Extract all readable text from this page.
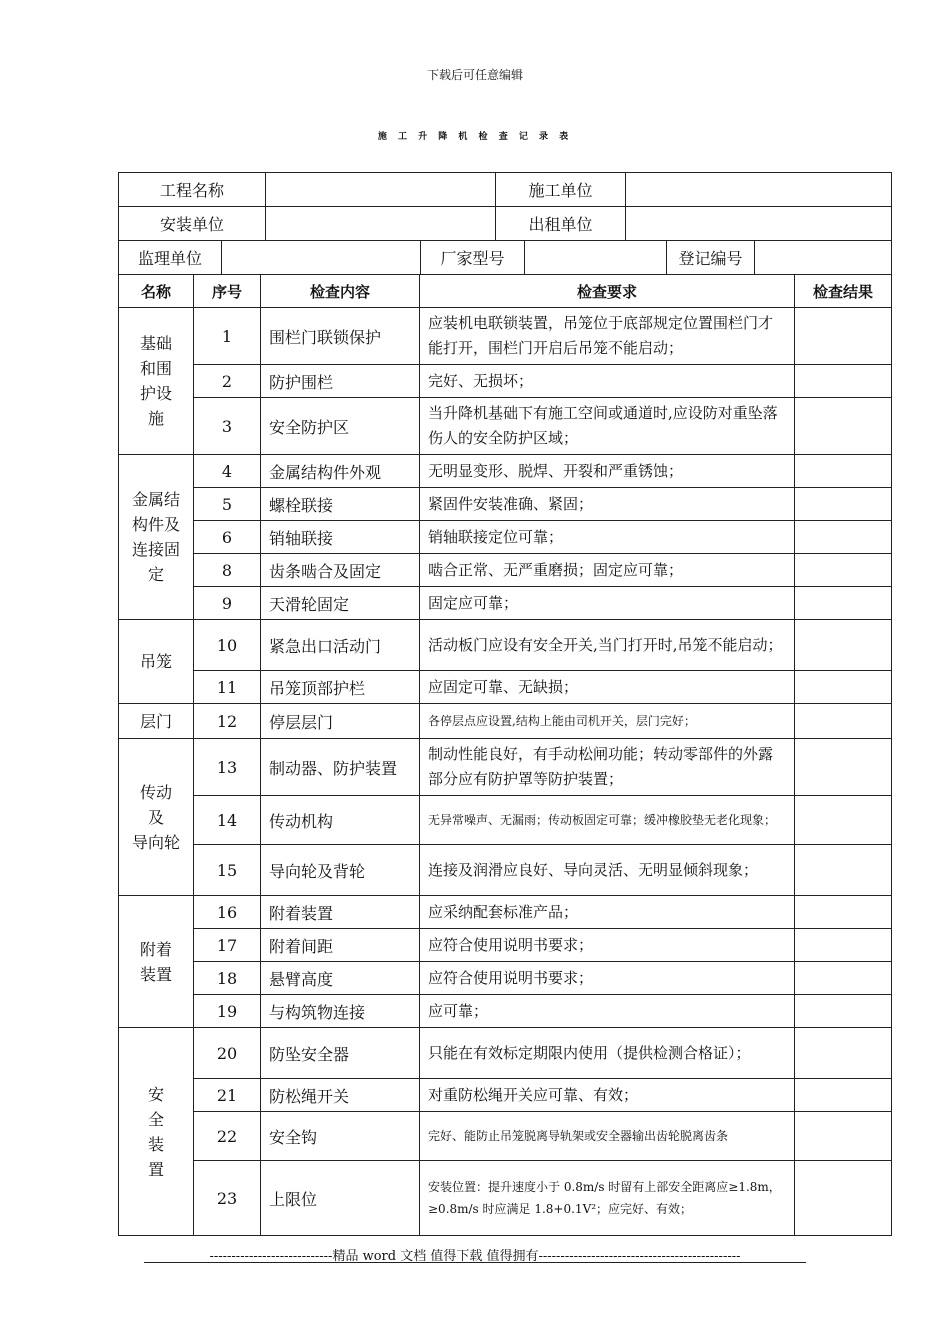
下载后可任意编辑
施 工 升 降 机 检 查 记 录 表
工程名称		施工单位	
安装单位		出租单位	
监理单位		厂家型号		登记编号	
名称	序号	检查内容	检查要求	检查结果
基础
和围
护设
施	1	围栏门联锁保护	应装机电联锁装置，吊笼位于底部规定位置围栏门才能打开，围栏门开启后吊笼不能启动；	
	2	防护围栏	完好、无损坏；	
	3	安全防护区	当升降机基础下有施工空间或通道时,应设防对重坠落伤人的安全防护区域；	
金属结
构件及
连接固
定	4	金属结构件外观	无明显变形、脱焊、开裂和严重锈蚀；	
	5	螺栓联接	紧固件安装准确、紧固；	
	6	销轴联接	销轴联接定位可靠；	
	8	齿条啮合及固定	啮合正常、无严重磨损；固定应可靠；	
	9	天滑轮固定	固定应可靠；	
吊笼	10	紧急出口活动门	活动板门应设有安全开关,当门打开时,吊笼不能启动；	
	11	吊笼顶部护栏	应固定可靠、无缺损；	
层门	12	停层层门	各停层点应设置,结构上能由司机开关，层门完好；	
传动
及
导向轮	13	制动器、防护装置	制动性能良好，有手动松闸功能；转动零部件的外露部分应有防护罩等防护装置；	
	14	传动机构	无异常噪声、无漏雨；传动板固定可靠；缓冲橡胶垫无老化现象；	
	15	导向轮及背轮	连接及润滑应良好、导向灵活、无明显倾斜现象；	
附着
装置	16	附着装置	应采纳配套标准产品；	
	17	附着间距	应符合使用说明书要求；	
	18	悬臂高度	应符合使用说明书要求；	
	19	与构筑物连接	应可靠；	
安
全
装
置	20	防坠安全器	只能在有效标定期限内使用（提供检测合格证）；	
	21	防松绳开关	对重防松绳开关应可靠、有效；	
	22	安全钩	完好、能防止吊笼脱离导轨架或安全器输出齿轮脱离齿条	
	23	上限位	安装位置：提升速度小于 0.8m/s 时留有上部安全距离应≥1.8m， ≥0.8m/s 时应满足 1.8+0.1V²；应完好、有效；	
----------------------------精品 word 文档 值得下载 值得拥有----------------------------------------------
